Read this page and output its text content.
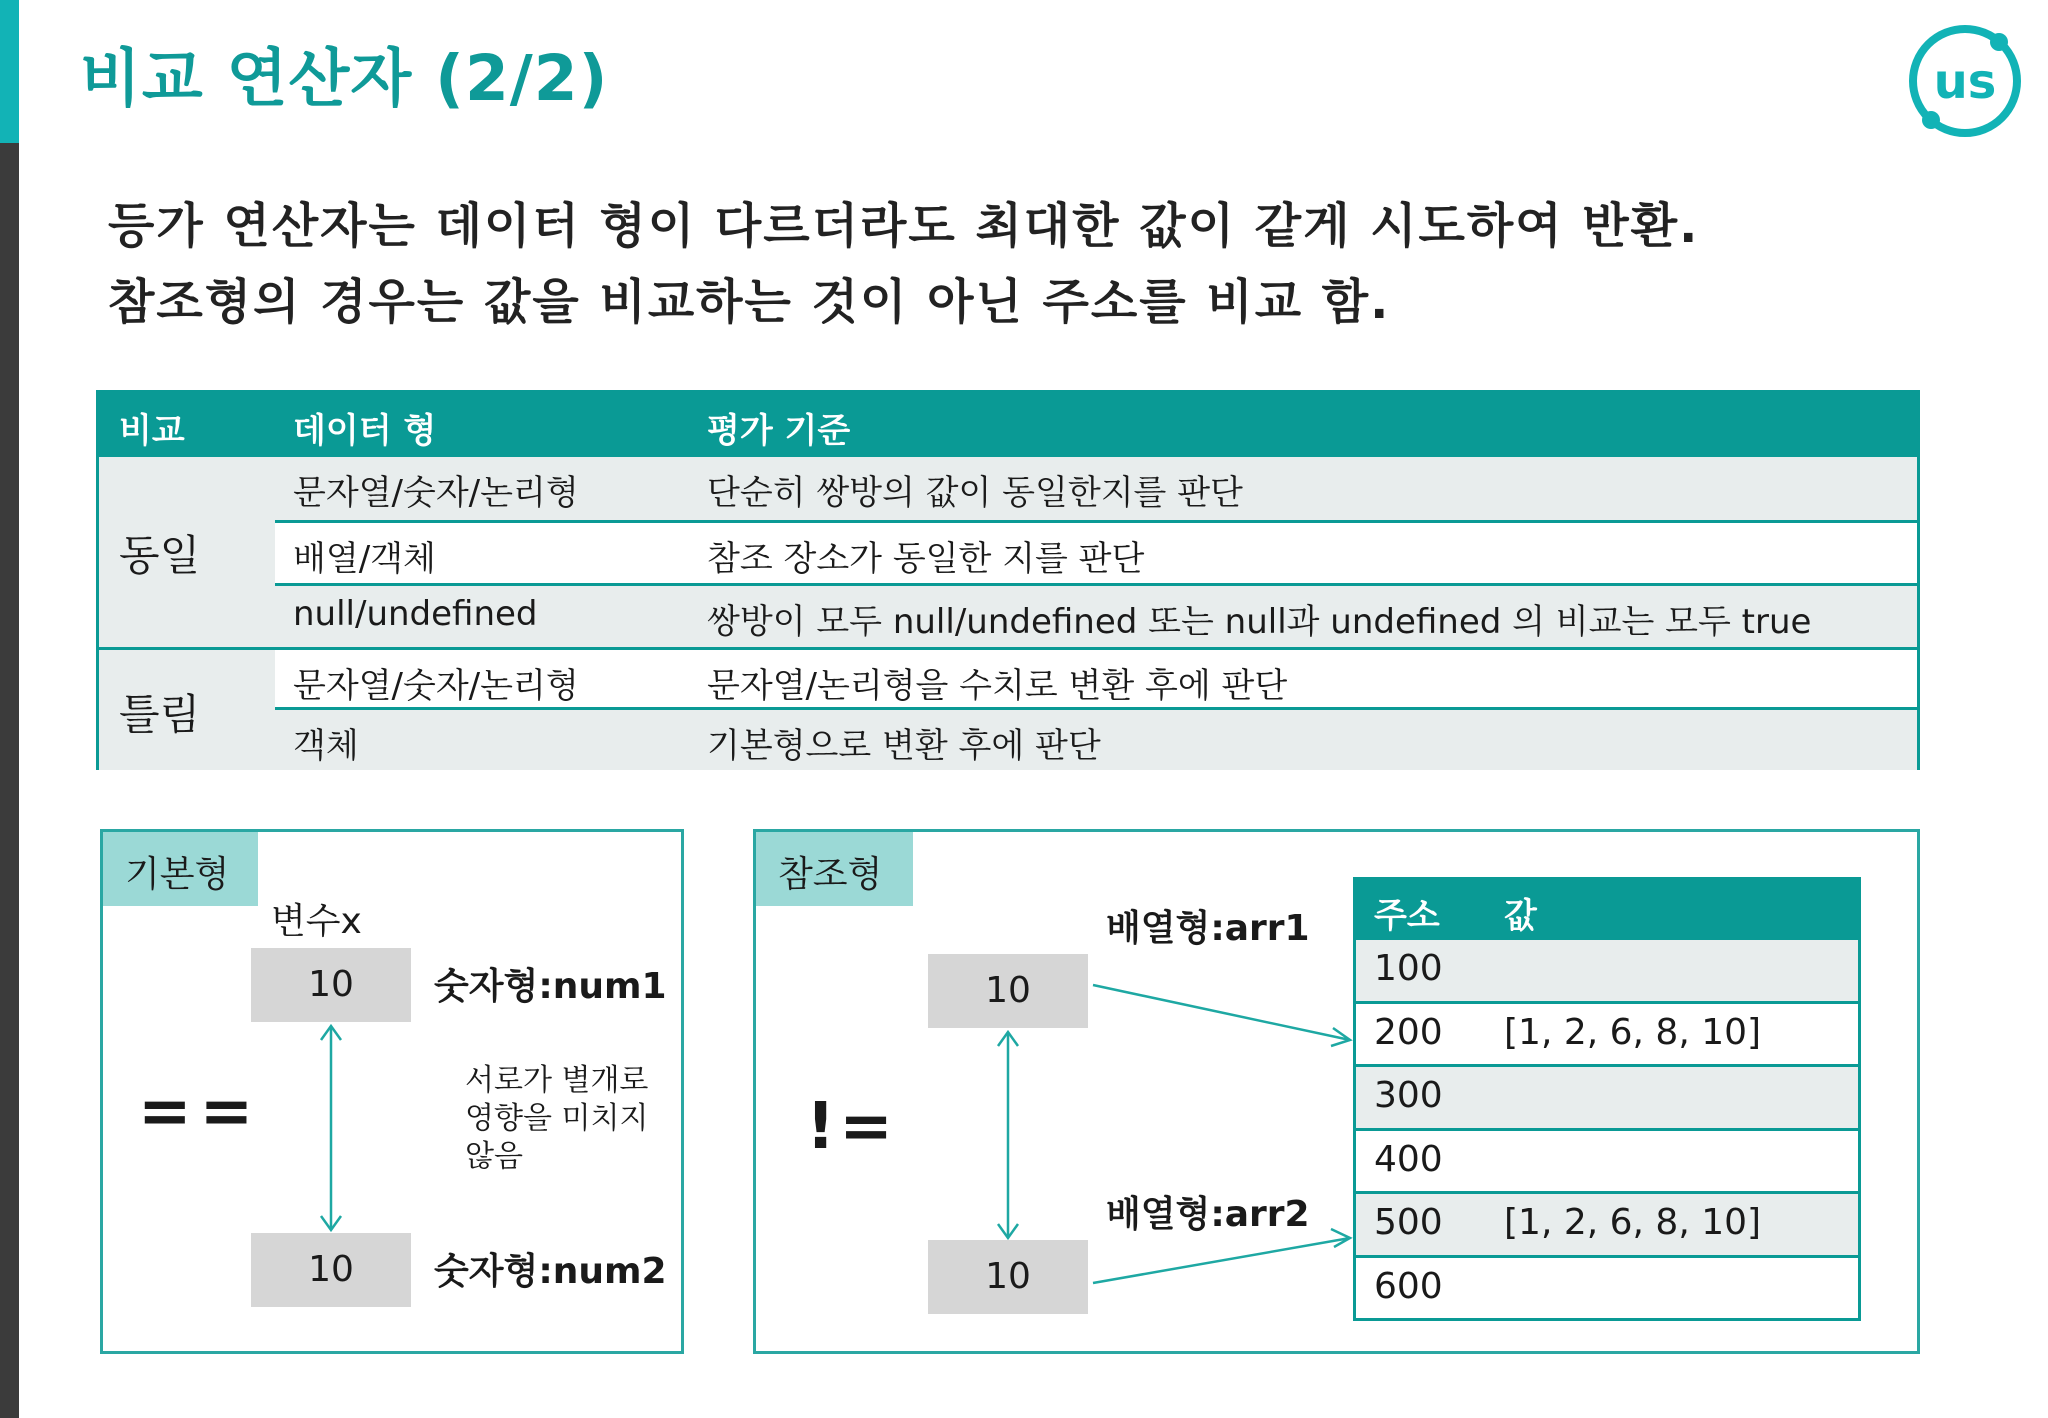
비교 연산자 (2/2)	us
등가 연산자는 데이터 형이 다르더라도 최대한 값이 같게 시도하여 반환.
참조형의 경우는 값을 비교하는 것이 아닌 주소를 비교 함.
비교	데이터 형	평가 기준
동일
문자열/숫자/논리형	단순히 쌍방의 값이 동일한지를 판단
배열/객체	참조 장소가 동일한 지를 판단
null/undefined	쌍방이 모두 null/undefined 또는 null과 undefined 의 비교는 모두 true
틀림
문자열/숫자/논리형	문자열/논리형을 수치로 변환 후에 판단
객체	기본형으로 변환 후에 판단
기본형
변수x
10	숫자형:num1
10	숫자형:num2
==	서로가 별개로
영향을 미치지
않음
참조형
배열형:arr1
배열형:arr2
10
10
!=
주소 값
100
200 [1, 2, 6, 8, 10]
300
400
500 [1, 2, 6, 8, 10]
600
